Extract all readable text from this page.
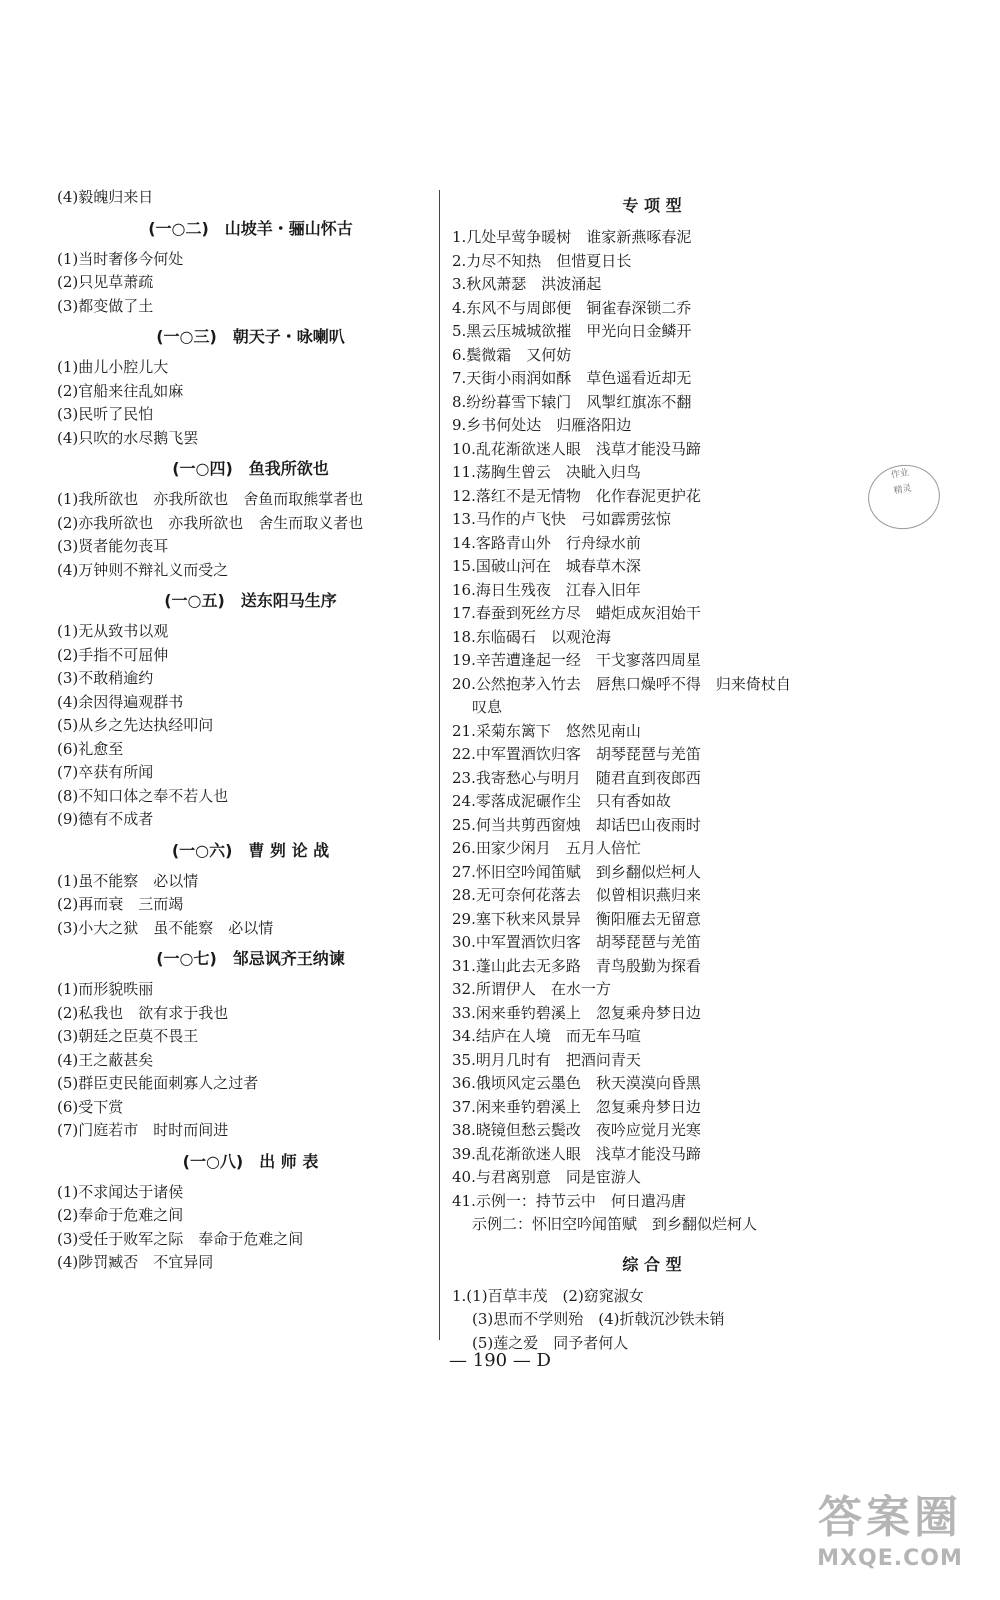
(4)毅魄归来日
(一○二)　山坡羊・骊山怀古
(1)当时奢侈今何处
(2)只见草萧疏
(3)都变做了土
(一○三)　朝天子・咏喇叭
(1)曲儿小腔儿大
(2)官船来往乱如麻
(3)民听了民怕
(4)只吹的水尽鹅飞罢
(一○四)　鱼我所欲也
(1)我所欲也　亦我所欲也　舍鱼而取熊掌者也
(2)亦我所欲也　亦我所欲也　舍生而取义者也
(3)贤者能勿丧耳
(4)万钟则不辩礼义而受之
(一○五)　送东阳马生序
(1)无从致书以观
(2)手指不可屈伸
(3)不敢稍逾约
(4)余因得遍观群书
(5)从乡之先达执经叩问
(6)礼愈至
(7)卒获有所闻
(8)不知口体之奉不若人也
(9)德有不成者
(一○六)　曹 刿 论 战
(1)虽不能察　必以情
(2)再而衰　三而竭
(3)小大之狱　虽不能察　必以情
(一○七)　邹忌讽齐王纳谏
(1)而形貌昳丽
(2)私我也　欲有求于我也
(3)朝廷之臣莫不畏王
(4)王之蔽甚矣
(5)群臣吏民能面刺寡人之过者
(6)受下赏
(7)门庭若市　时时而间进
(一○八)　出 师 表
(1)不求闻达于诸侯
(2)奉命于危难之间
(3)受任于败军之际　奉命于危难之间
(4)陟罚臧否　不宜异同
专 项 型
1.几处早莺争暖树　谁家新燕啄春泥
2.力尽不知热　但惜夏日长
3.秋风萧瑟　洪波涌起
4.东风不与周郎便　铜雀春深锁二乔
5.黑云压城城欲摧　甲光向日金鳞开
6.鬓微霜　又何妨
7.天街小雨润如酥　草色遥看近却无
8.纷纷暮雪下辕门　风掣红旗冻不翻
9.乡书何处达　归雁洛阳边
10.乱花渐欲迷人眼　浅草才能没马蹄
11.荡胸生曾云　决眦入归鸟
12.落红不是无情物　化作春泥更护花
13.马作的卢飞快　弓如霹雳弦惊
14.客路青山外　行舟绿水前
15.国破山河在　城春草木深
16.海日生残夜　江春入旧年
17.春蚕到死丝方尽　蜡炬成灰泪始干
18.东临碣石　以观沧海
19.辛苦遭逢起一经　干戈寥落四周星
20.公然抱茅入竹去　唇焦口燥呼不得　归来倚杖自
叹息
21.采菊东篱下　悠然见南山
22.中军置酒饮归客　胡琴琵琶与羌笛
23.我寄愁心与明月　随君直到夜郎西
24.零落成泥碾作尘　只有香如故
25.何当共剪西窗烛　却话巴山夜雨时
26.田家少闲月　五月人倍忙
27.怀旧空吟闻笛赋　到乡翻似烂柯人
28.无可奈何花落去　似曾相识燕归来
29.塞下秋来风景异　衡阳雁去无留意
30.中军置酒饮归客　胡琴琵琶与羌笛
31.蓬山此去无多路　青鸟殷勤为探看
32.所谓伊人　在水一方
33.闲来垂钓碧溪上　忽复乘舟梦日边
34.结庐在人境　而无车马喧
35.明月几时有　把酒问青天
36.俄顷风定云墨色　秋天漠漠向昏黑
37.闲来垂钓碧溪上　忽复乘舟梦日边
38.晓镜但愁云鬓改　夜吟应觉月光寒
39.乱花渐欲迷人眼　浅草才能没马蹄
40.与君离别意　同是宦游人
41.示例一：持节云中　何日遣冯唐
示例二：怀旧空吟闻笛赋　到乡翻似烂柯人
综 合 型
1.(1)百草丰茂　(2)窈窕淑女
(3)思而不学则殆　(4)折戟沉沙铁未销
(5)莲之爱　同予者何人
作业
精灵
— 190 — D
答案圈
MXQE.COM
